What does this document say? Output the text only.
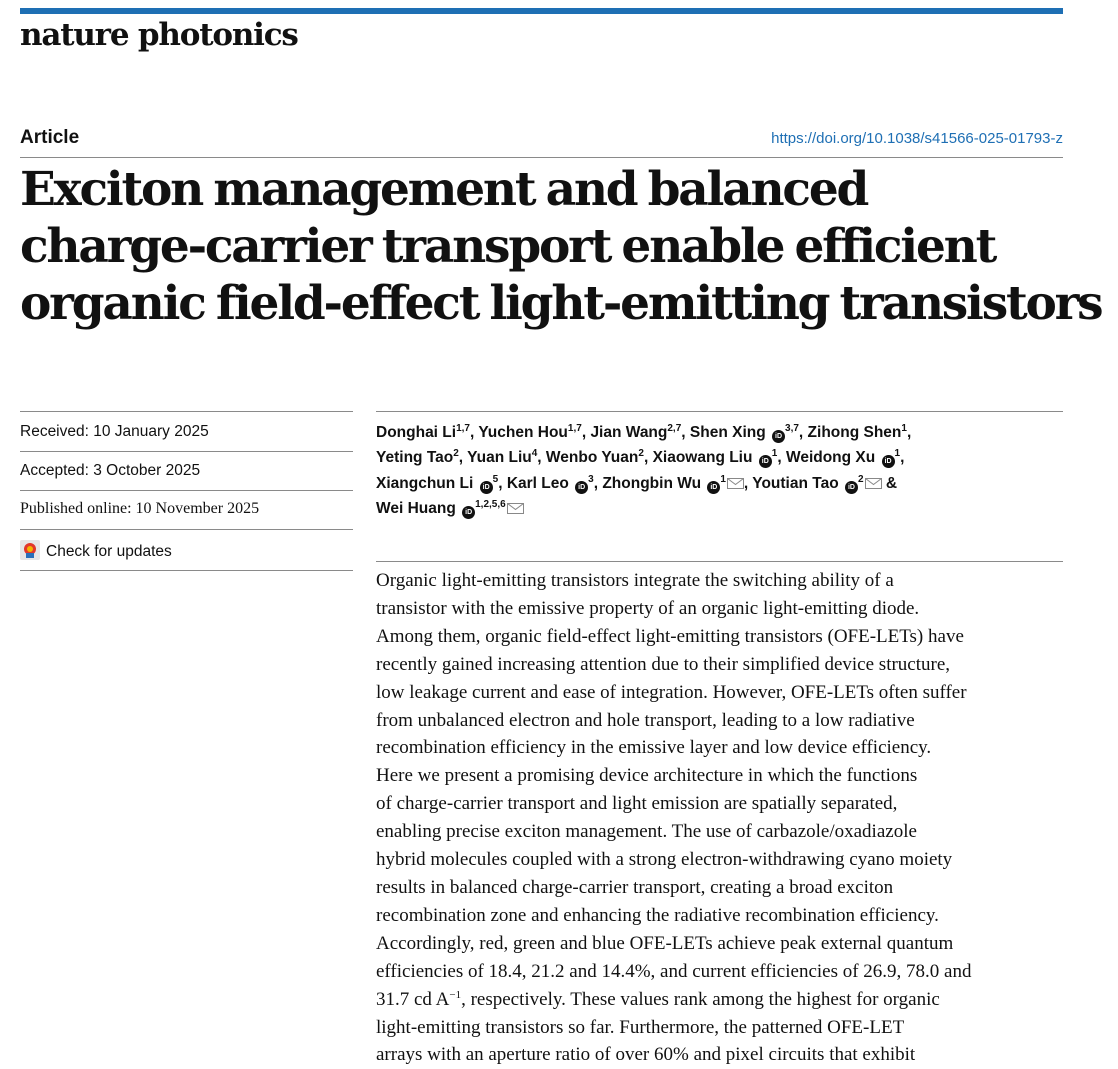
nature photonics
Article	https://doi.org/10.1038/s41566-025-01793-z
Exciton management and balanced
charge-carrier transport enable efficient
organic field-effect light-emitting transistors
Received: 10 January 2025
Accepted: 3 October 2025
Published online: 10 November 2025
Check for updates
Donghai Li$^{1,7}$, Yuchen Hou$^{1,7}$, Jian Wang$^{2,7}$, Shen Xing iD$^{3,7}$, Zihong Shen$^1$,
Yeting Tao$^2$, Yuan Liu$^4$, Wenbo Yuan$^2$, Xiaowang Liu $iD^1$, Weidong Xu $iD^1$,
Xiangchun Li $iD^5$, Karl Leo $iD^3$, Zhongbin Wu $iD^1$ , Youtian Tao $iD^2$ &
Wei Huang iD$^{1,2,5,6}$
Organic light-emitting transistors integrate the switching ability of a
transistor with the emissive property of an organic light-emitting diode.
Among them, organic field-effect light-emitting transistors (OFE-LETs) have
recently gained increasing attention due to their simplified device structure,
low leakage current and ease of integration. However, OFE-LETs often suffer
from unbalanced electron and hole transport, leading to a low radiative
recombination efficiency in the emissive layer and low device efficiency.
Here we present a promising device architecture in which the functions
of charge-carrier transport and light emission are spatially separated,
enabling precise exciton management. The use of carbazole/oxadiazole
hybrid molecules coupled with a strong electron-withdrawing cyano moiety
results in balanced charge-carrier transport, creating a broad exciton
recombination zone and enhancing the radiative recombination efficiency.
Accordingly, red, green and blue OFE-LETs achieve peak external quantum
efficiencies of 18.4, 21.2 and 14.4%, and current efficiencies of 26.9, 78.0 and
31.7 cd $A^{-1}$, respectively. These values rank among the highest for organic
light-emitting transistors so far. Furthermore, the patterned OFE-LET
arrays with an aperture ratio of over 60% and pixel circuits that exhibit
